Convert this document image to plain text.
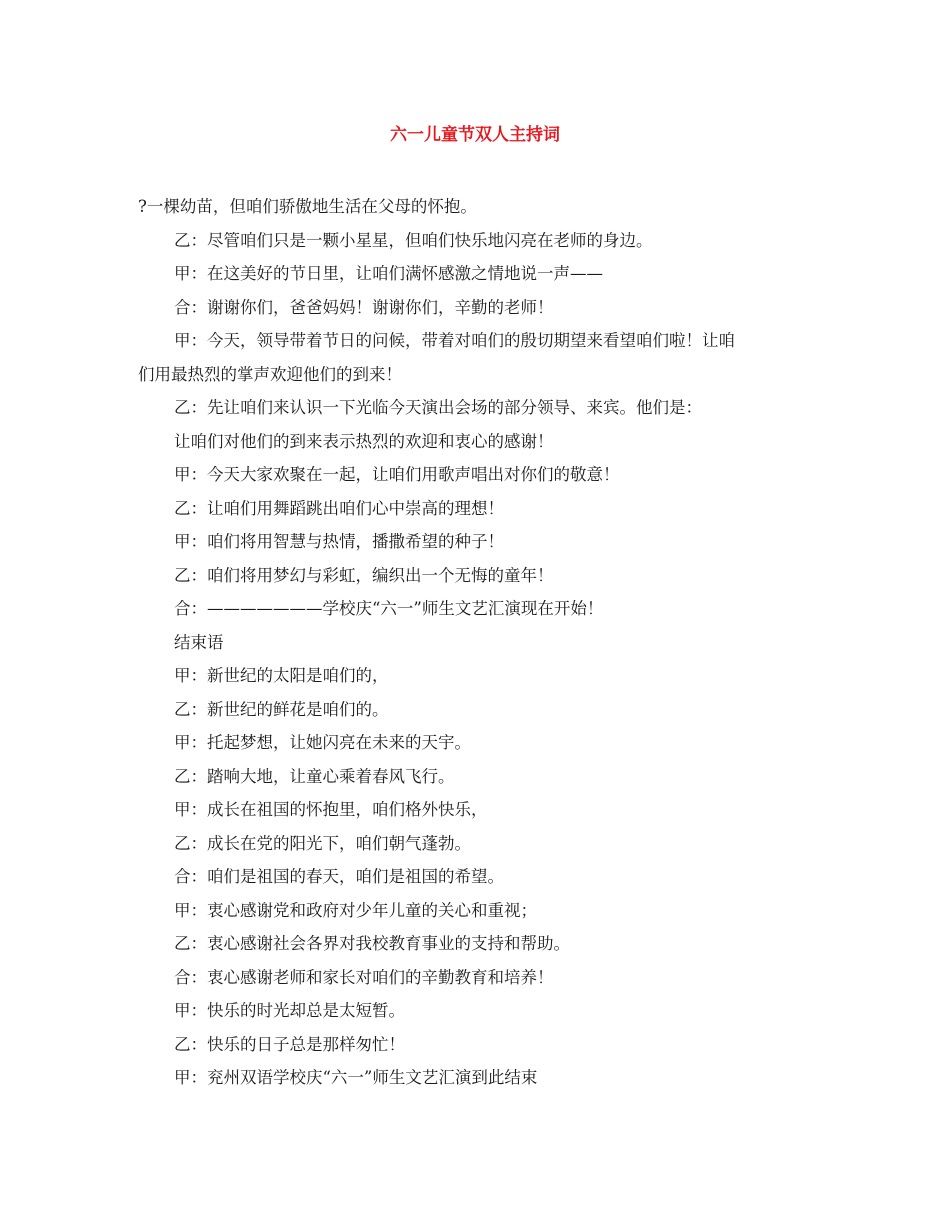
六一儿童节双人主持词
?一棵幼苗，但咱们骄傲地生活在父母的怀抱。
乙：尽管咱们只是一颗小星星，但咱们快乐地闪亮在老师的身边。
甲：在这美好的节日里，让咱们满怀感激之情地说一声——
合：谢谢你们，爸爸妈妈！谢谢你们，辛勤的老师！
甲：今天，领导带着节日的问候，带着对咱们的殷切期望来看望咱们啦！让咱
们用最热烈的掌声欢迎他们的到来！
乙：先让咱们来认识一下光临今天演出会场的部分领导、来宾。他们是：
让咱们对他们的到来表示热烈的欢迎和衷心的感谢！
甲：今天大家欢聚在一起，让咱们用歌声唱出对你们的敬意！
乙：让咱们用舞蹈跳出咱们心中崇高的理想！
甲：咱们将用智慧与热情，播撒希望的种子！
乙：咱们将用梦幻与彩虹，编织出一个无悔的童年！
合：———————学校庆“六一”师生文艺汇演现在开始！
结束语
甲：新世纪的太阳是咱们的，
乙：新世纪的鲜花是咱们的。
甲：托起梦想，让她闪亮在未来的天宇。
乙：踏响大地，让童心乘着春风飞行。
甲：成长在祖国的怀抱里，咱们格外快乐，
乙：成长在党的阳光下，咱们朝气蓬勃。
合：咱们是祖国的春天，咱们是祖国的希望。
甲：衷心感谢党和政府对少年儿童的关心和重视；
乙：衷心感谢社会各界对我校教育事业的支持和帮助。
合：衷心感谢老师和家长对咱们的辛勤教育和培养！
甲：快乐的时光却总是太短暂。
乙：快乐的日子总是那样匆忙！
甲：兖州双语学校庆“六一”师生文艺汇演到此结束
